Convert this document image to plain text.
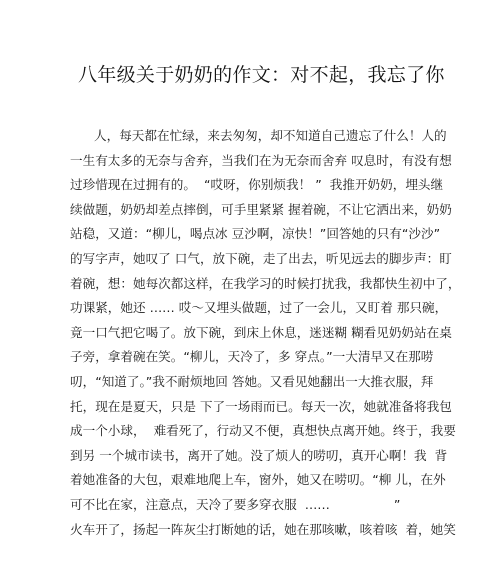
八年级关于奶奶的作文：对不起，我忘了你
人，每天都在忙绿，来去匆匆，却不知道自己遗忘了什么！人的
一生有太多的无奈与舍弃，当我们在为无奈而舍弃 叹息时，有没有想
过珍惜现在过拥有的。  “哎呀，你别烦我！ ”  我推开奶奶，埋头继
续做题，奶奶却差点摔倒，可手里紧紧 握着碗，不让它洒出来，奶奶
站稳，又道：“柳儿，喝点冰 豆沙啊，凉快！”回答她的只有“沙沙”
的写字声，她叹了 口气，放下碗，走了出去，听见远去的脚步声：盯
着碗，想：她每次都这样，在我学习的时候打扰我，我都快生初中了，
功课紧，她还 …… 哎～又埋头做题，过了一会儿，又盯着 那只碗，
竟一口气把它喝了。放下碗，到床上休息，迷迷糊 糊看见奶奶站在桌
子旁，拿着碗在笑。“柳儿，天冷了，多 穿点。”一大清早又在那唠
叨，“知道了。”我不耐烦地回 答她。又看见她翻出一大推衣服，拜
托，现在是夏天，只是 下了一场雨而已。每天一次，她就准备将我包
成一个小球，  难看死了，行动又不便，真想快点离开她。终于，我要
到另 一个城市读书，离开了她。没了烦人的唠叨，真开心啊！我  背
着她准备的大包，艰难地爬上车，窗外，她又在唠叨。“柳 儿，在外
可不比在家，注意点，天冷了要多穿衣服  ……                ”
火车开了，扬起一阵灰尘打断她的话，她在那咳嗽，咳着咳  着，她笑
